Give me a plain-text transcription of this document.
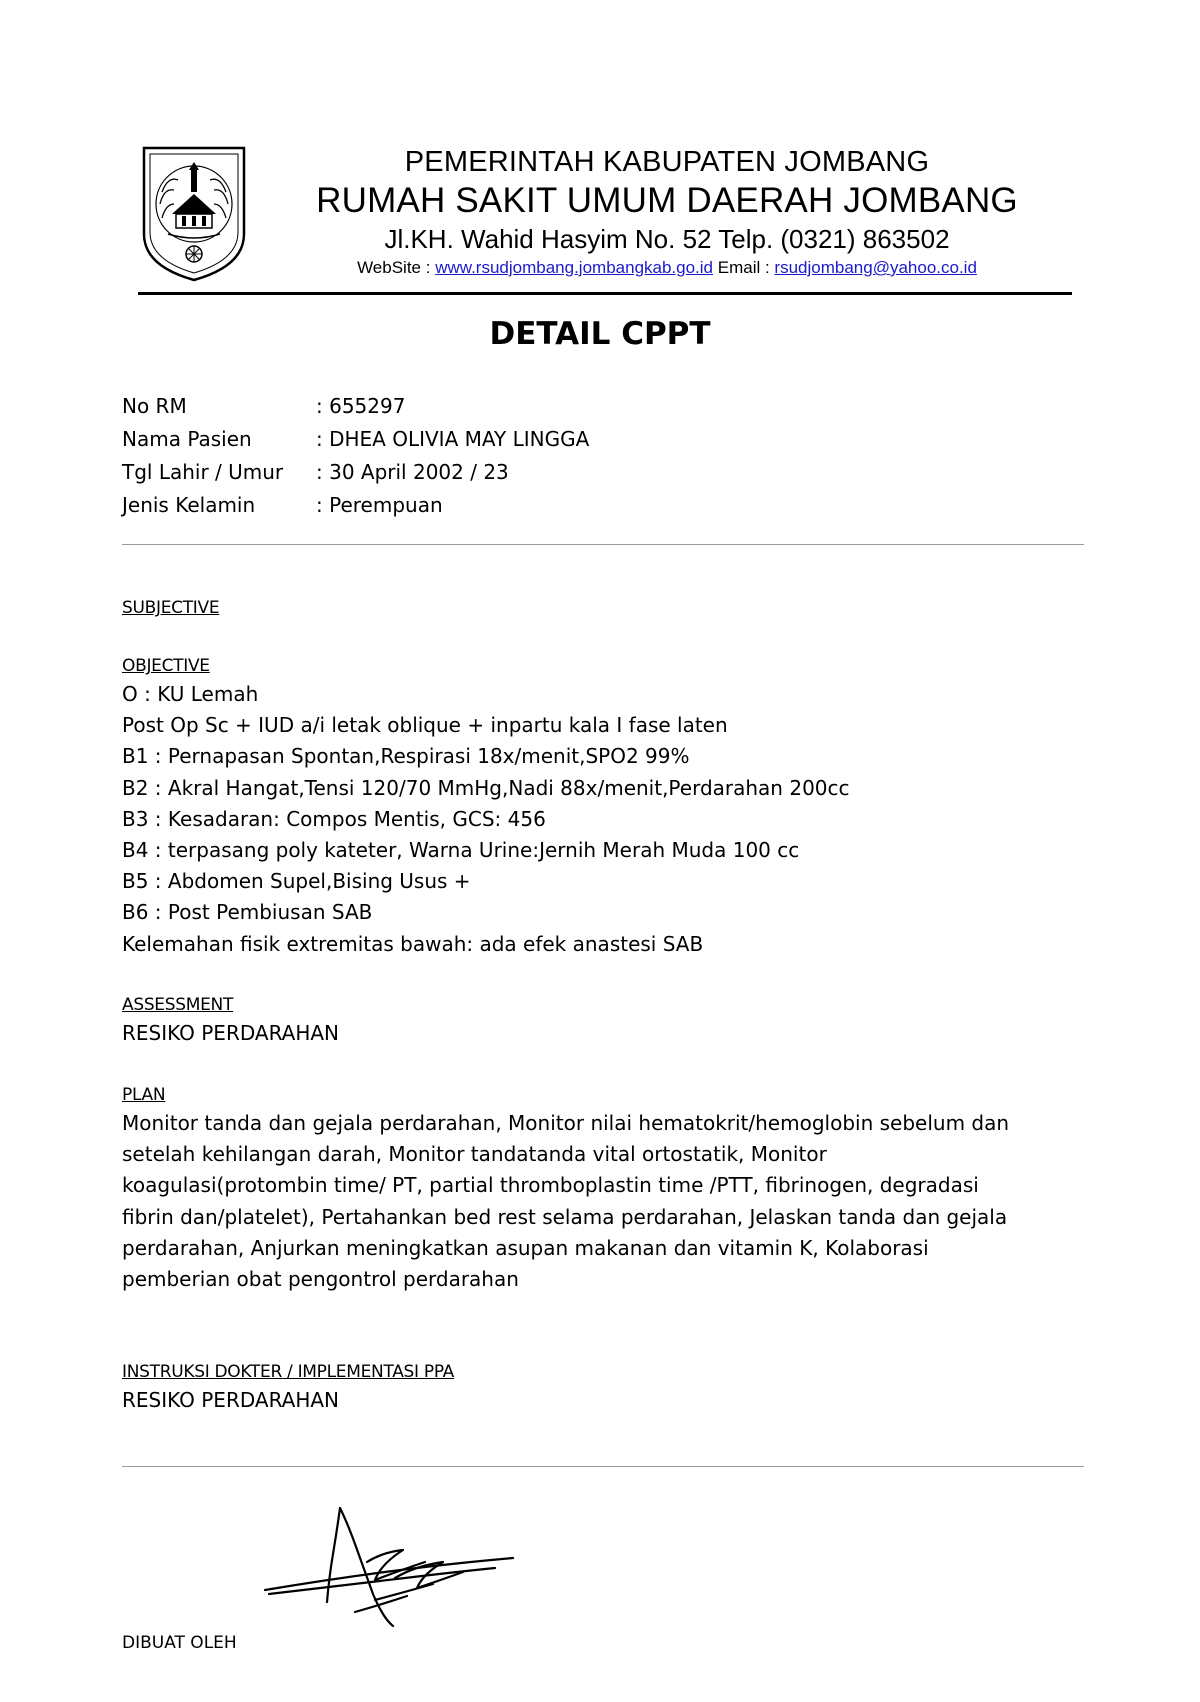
PEMERINTAH KABUPATEN JOMBANG
RUMAH SAKIT UMUM DAERAH JOMBANG
Jl.KH. Wahid Hasyim No. 52 Telp. (0321) 863502
WebSite : www.rsudjombang.jombangkab.go.id Email : rsudjombang@yahoo.co.id
DETAIL CPPT
No RM	: 655297
Nama Pasien	: DHEA OLIVIA MAY LINGGA
Tgl Lahir / Umur : 30 April 2002 / 23
Jenis Kelamin	: Perempuan
SUBJECTIVE
OBJECTIVE
O : KU Lemah
Post Op Sc + IUD a/i letak oblique + inpartu kala I fase laten
B1 : Pernapasan Spontan,Respirasi 18x/menit,SPO2 99%
B2 : Akral Hangat,Tensi 120/70 MmHg,Nadi 88x/menit,Perdarahan 200cc
B3 : Kesadaran: Compos Mentis, GCS: 456
B4 : terpasang poly kateter, Warna Urine:Jernih Merah Muda 100 cc
B5 : Abdomen Supel,Bising Usus +
B6 : Post Pembiusan SAB
Kelemahan fisik extremitas bawah: ada efek anastesi SAB
ASSESSMENT
RESIKO PERDARAHAN
PLAN
Monitor tanda dan gejala perdarahan, Monitor nilai hematokrit/hemoglobin sebelum dan
setelah kehilangan darah, Monitor tandatanda vital ortostatik, Monitor
koagulasi(protombin time/ PT, partial thromboplastin time /PTT, fibrinogen, degradasi
fibrin dan/platelet), Pertahankan bed rest selama perdarahan, Jelaskan tanda dan gejala
perdarahan, Anjurkan meningkatkan asupan makanan dan vitamin K, Kolaborasi
pemberian obat pengontrol perdarahan
INSTRUKSI DOKTER / IMPLEMENTASI PPA
RESIKO PERDARAHAN
DIBUAT OLEH
